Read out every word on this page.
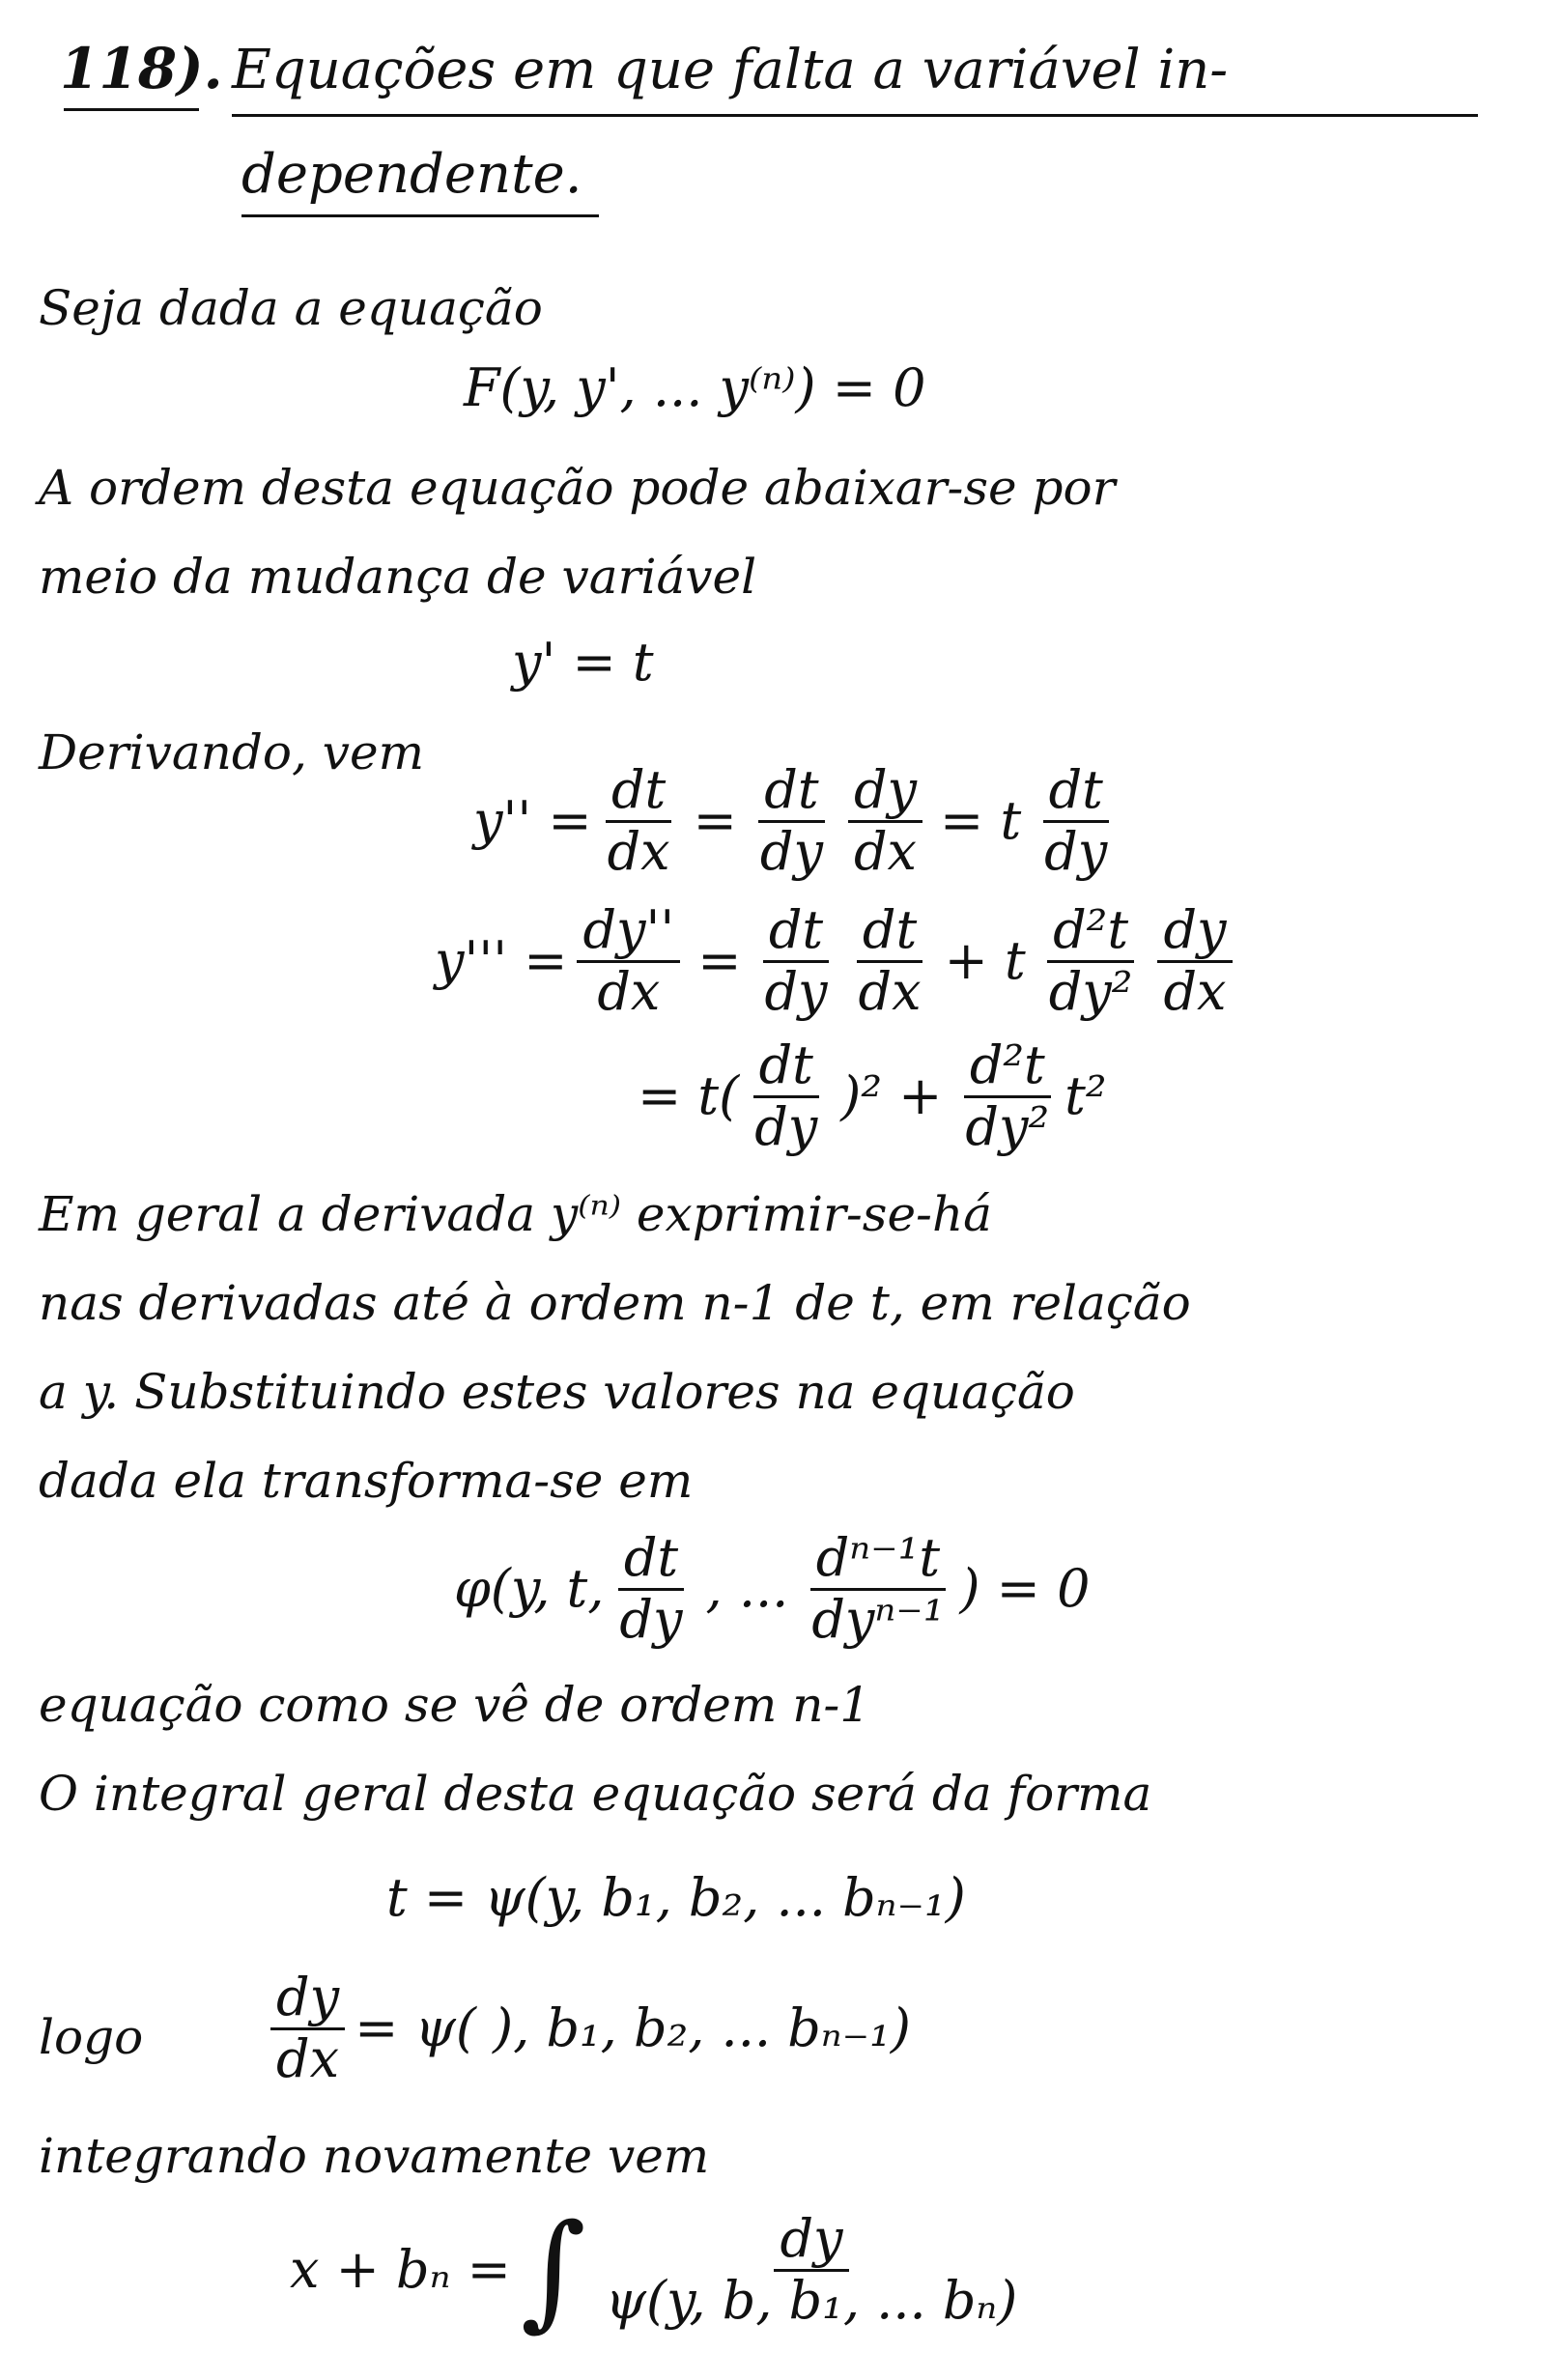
118). Equações em que falta a variável in-
dependente.
Seja dada a equação
F(y, y', ... y⁽ⁿ⁾) = 0
A ordem desta equação pode abaixar-se por
meio da mudança de variável
y' = t
Derivando, vem
$y'' = \frac{dt}{dx} = \frac{dt}{dy} \frac{dy}{dx} = t \frac{dt}{dy}$
$y''' = \frac{dy''}{dx} = \frac{dt}{dy} \frac{dt}{dx} + t \frac{\text{d²t}}{\text{dy²}} \frac{dy}{dx}$
= $t( \frac{dt}{dy} )^2 + \frac{\text{d²t}}{\text{dy²}} t^2$
Em geral a derivada y⁽ⁿ⁾ exprimir-se-há
nas derivadas até à ordem n-1 de t, em relação
a y. Substituindo estes valores na equação
dada ela transforma-se em
φ(y, t, $\frac{dt}{dy}$ , ... $\frac{\text{dⁿ⁻¹t}}{\text{dyⁿ⁻¹}}$ ) = 0
equação como se vê de ordem n-1
O integral geral desta equação será da forma
t = ψ(y, b₁, b₂, ... bₙ₋₁)
logo $\frac{dy}{dx} = \psi$( ), b₁, b₂, ... bₙ₋₁)
integrando novamente vem
x + bₙ = ∫ $\frac{dy}{\text{ψ(y, b, b₁, ... bₙ)}}$
